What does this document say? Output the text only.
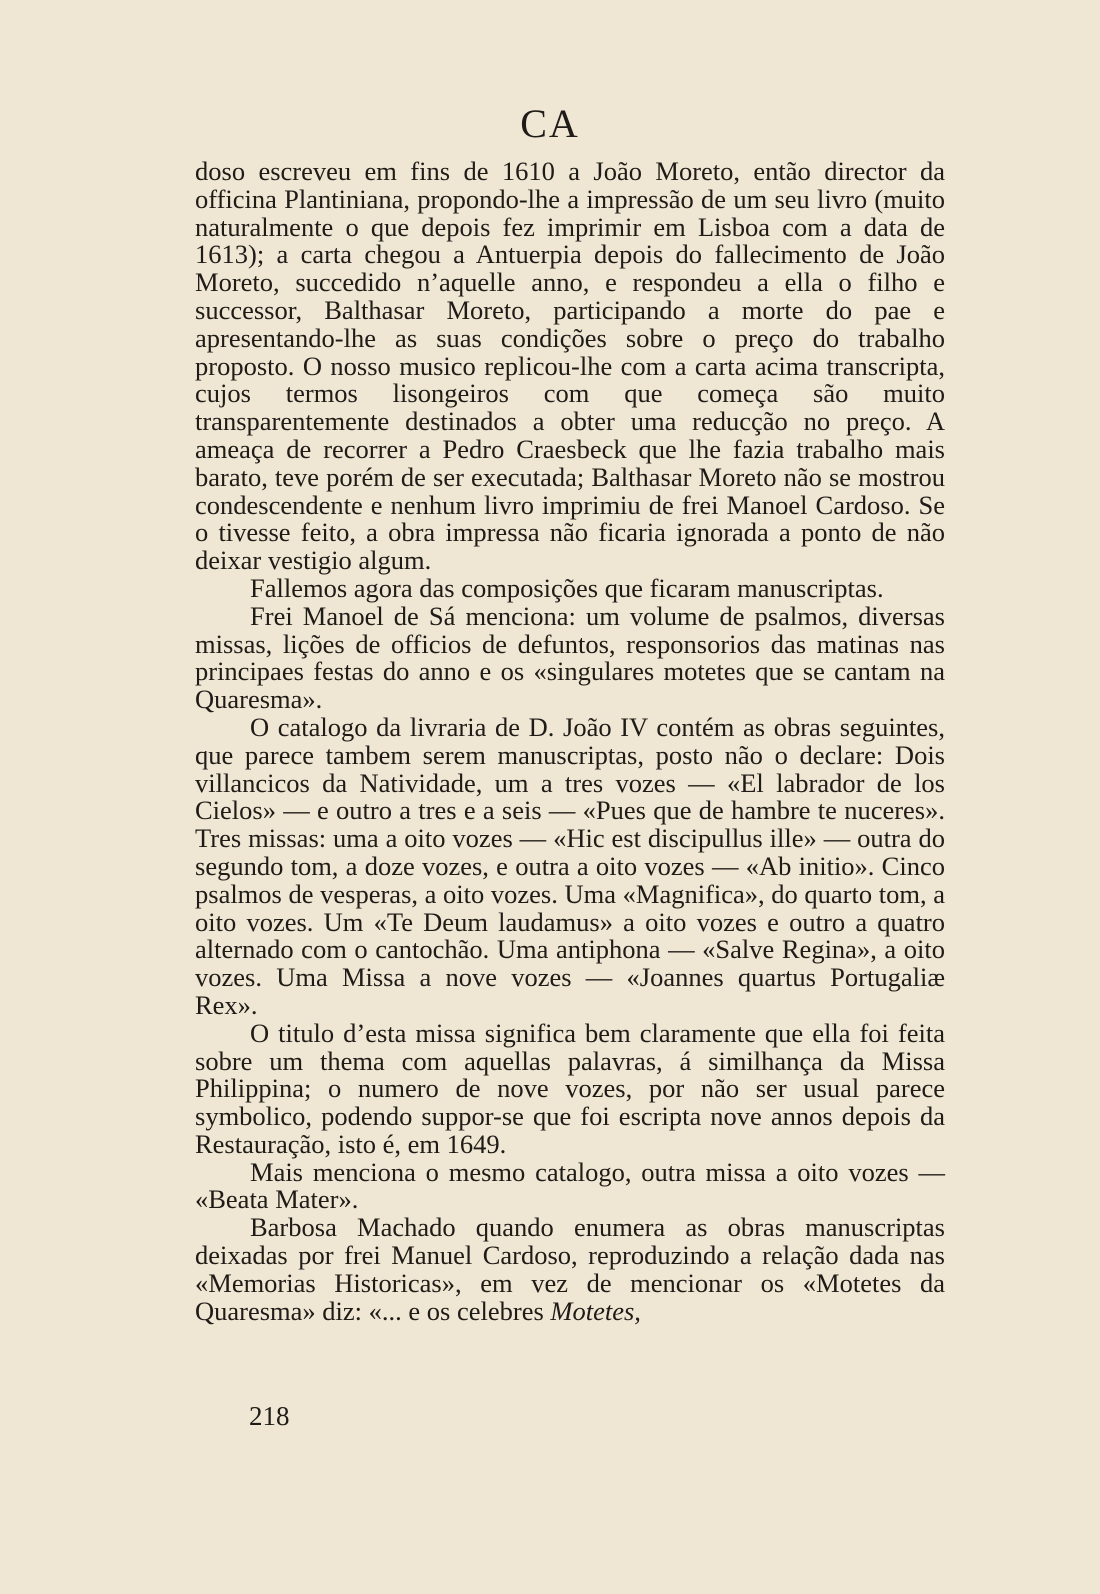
CA

doso escreveu em fins de 1610 a João Moreto, então director da officina Plantiniana, propondo-lhe a impressão de um seu livro (muito naturalmente o que depois fez imprimir em Lisboa com a data de 1613); a carta chegou a Antuerpia depois do fallecimento de João Moreto, succedido n’aquelle anno, e respondeu a ella o filho e successor, Balthasar Moreto, participando a morte do pae e apresentando-lhe as suas condições sobre o preço do trabalho proposto. O nosso musico replicou-lhe com a carta acima transcripta, cujos termos lisongeiros com que começa são muito transparentemente destinados a obter uma reducção no preço. A ameaça de recorrer a Pedro Craesbeck que lhe fazia trabalho mais barato, teve porém de ser executada; Balthasar Moreto não se mostrou condescendente e nenhum livro imprimiu de frei Manoel Cardoso. Se o tivesse feito, a obra impressa não ficaria ignorada a ponto de não deixar vestigio algum.

Fallemos agora das composições que ficaram manuscriptas.

Frei Manoel de Sá menciona: um volume de psalmos, diversas missas, lições de officios de defuntos, responsorios das matinas nas principaes festas do anno e os «singulares motetes que se cantam na Quaresma».

O catalogo da livraria de D. João IV contém as obras seguintes, que parece tambem serem manuscriptas, posto não o declare: Dois villancicos da Natividade, um a tres vozes — «El labrador de los Cielos» — e outro a tres e a seis — «Pues que de hambre te nuceres». Tres missas: uma a oito vozes — «Hic est discipullus ille» — outra do segundo tom, a doze vozes, e outra a oito vozes — «Ab initio». Cinco psalmos de vesperas, a oito vozes. Uma «Magnifica», do quarto tom, a oito vozes. Um «Te Deum laudamus» a oito vozes e outro a quatro alternado com o cantochão. Uma antiphona — «Salve Regina», a oito vozes. Uma Missa a nove vozes — «Joannes quartus Portugaliæ Rex».

O titulo d’esta missa significa bem claramente que ella foi feita sobre um thema com aquellas palavras, á similhança da Missa Philippina; o numero de nove vozes, por não ser usual parece symbolico, podendo suppor-se que foi escripta nove annos depois da Restauração, isto é, em 1649.

Mais menciona o mesmo catalogo, outra missa a oito vozes — «Beata Mater».

Barbosa Machado quando enumera as obras manuscriptas deixadas por frei Manuel Cardoso, reproduzindo a relação dada nas «Memorias Historicas», em vez de mencionar os «Motetes da Quaresma» diz: «... e os celebres Motetes,

218
